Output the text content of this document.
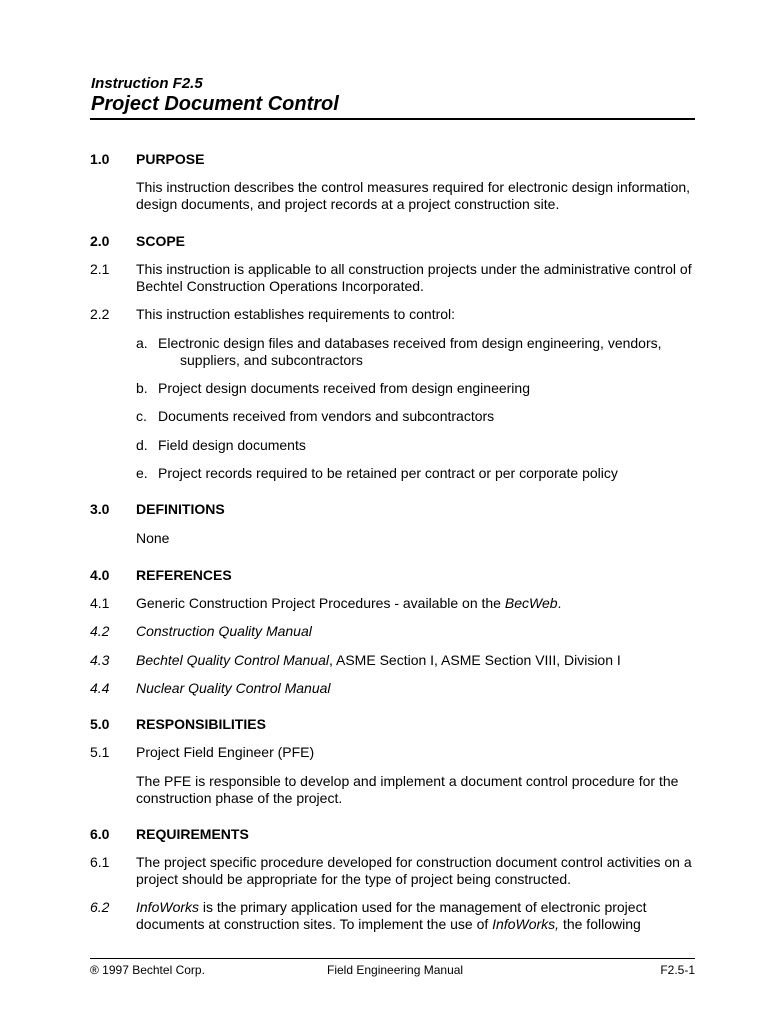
Instruction F2.5
Project Document Control
1.0	PURPOSE
This instruction describes the control measures required for electronic design information, design documents, and project records at a project construction site.
2.0	SCOPE
2.1	This instruction is applicable to all construction projects under the administrative control of Bechtel Construction Operations Incorporated.
2.2	This instruction establishes requirements to control:
a. Electronic design files and databases received from design engineering, vendors,
suppliers, and subcontractors
b. Project design documents received from design engineering
c. Documents received from vendors and subcontractors
d. Field design documents
e. Project records required to be retained per contract or per corporate policy
3.0	DEFINITIONS
None
4.0	REFERENCES
4.1	Generic Construction Project Procedures - available on the BecWeb.
4.2	Construction Quality Manual
4.3	Bechtel Quality Control Manual, ASME Section I, ASME Section VIII, Division I
4.4	Nuclear Quality Control Manual
5.0	RESPONSIBILITIES
5.1	Project Field Engineer (PFE)
The PFE is responsible to develop and implement a document control procedure for the construction phase of the project.
6.0	REQUIREMENTS
6.1	The project specific procedure developed for construction document control activities on a project should be appropriate for the type of project being constructed.
6.2	InfoWorks is the primary application used for the management of electronic project documents at construction sites. To implement the use of InfoWorks, the following
® 1997 Bechtel Corp.	Field Engineering Manual	F2.5-1
